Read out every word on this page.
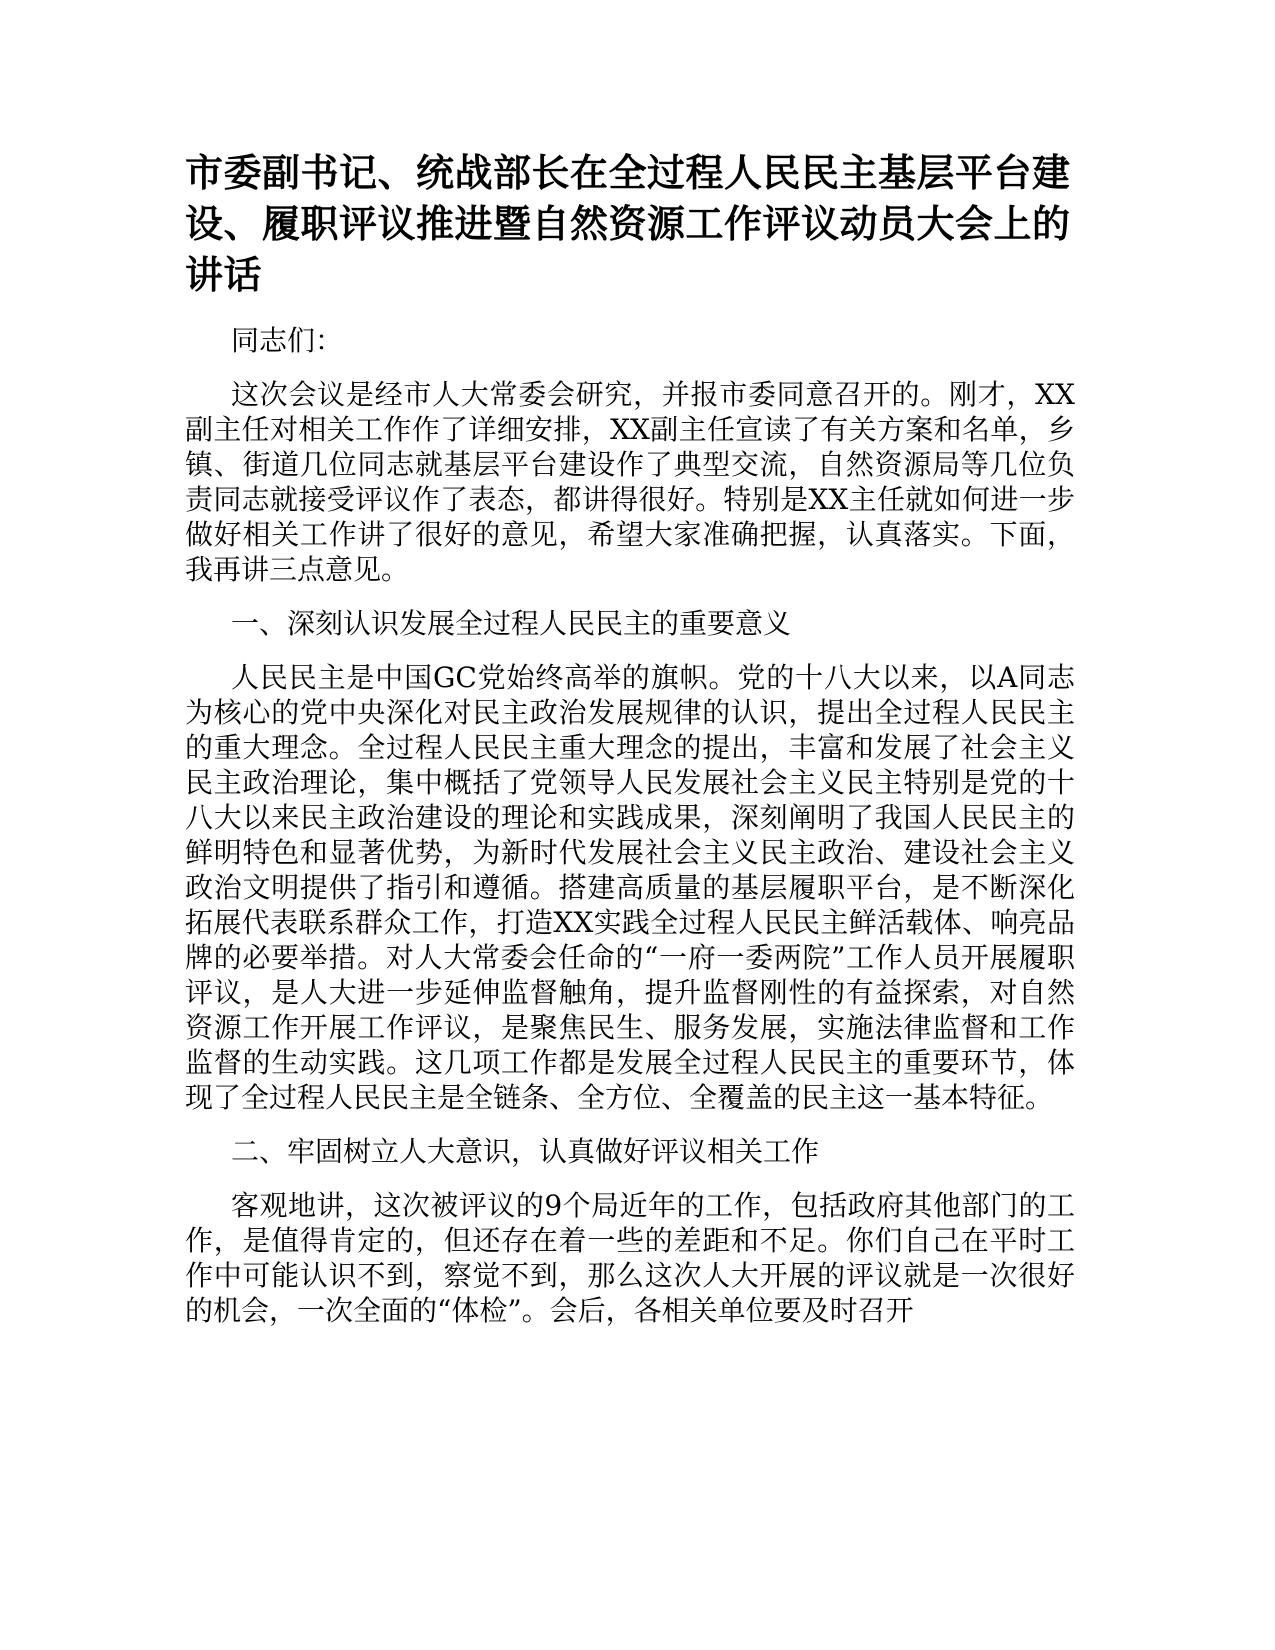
市委副书记、统战部长在全过程人民民主基层平台建设、履职评议推进暨自然资源工作评议动员大会上的讲话

同志们：

这次会议是经市人大常委会研究，并报市委同意召开的。刚才，XX副主任对相关工作作了详细安排，XX副主任宣读了有关方案和名单，乡镇、街道几位同志就基层平台建设作了典型交流，自然资源局等几位负责同志就接受评议作了表态，都讲得很好。特别是XX主任就如何进一步做好相关工作讲了很好的意见，希望大家准确把握，认真落实。下面，我再讲三点意见。

一、深刻认识发展全过程人民民主的重要意义

人民民主是中国GC党始终高举的旗帜。党的十八大以来，以A同志为核心的党中央深化对民主政治发展规律的认识，提出全过程人民民主的重大理念。全过程人民民主重大理念的提出，丰富和发展了社会主义民主政治理论，集中概括了党领导人民发展社会主义民主特别是党的十八大以来民主政治建设的理论和实践成果，深刻阐明了我国人民民主的鲜明特色和显著优势，为新时代发展社会主义民主政治、建设社会主义政治文明提供了指引和遵循。搭建高质量的基层履职平台，是不断深化拓展代表联系群众工作，打造XX实践全过程人民民主鲜活载体、响亮品牌的必要举措。对人大常委会任命的“一府一委两院”工作人员开展履职评议，是人大进一步延伸监督触角，提升监督刚性的有益探索，对自然资源工作开展工作评议，是聚焦民生、服务发展，实施法律监督和工作监督的生动实践。这几项工作都是发展全过程人民民主的重要环节，体现了全过程人民民主是全链条、全方位、全覆盖的民主这一基本特征。

二、牢固树立人大意识，认真做好评议相关工作

客观地讲，这次被评议的9个局近年的工作，包括政府其他部门的工作，是值得肯定的，但还存在着一些的差距和不足。你们自己在平时工作中可能认识不到，察觉不到，那么这次人大开展的评议就是一次很好的机会，一次全面的“体检”。会后，各相关单位要及时召开
